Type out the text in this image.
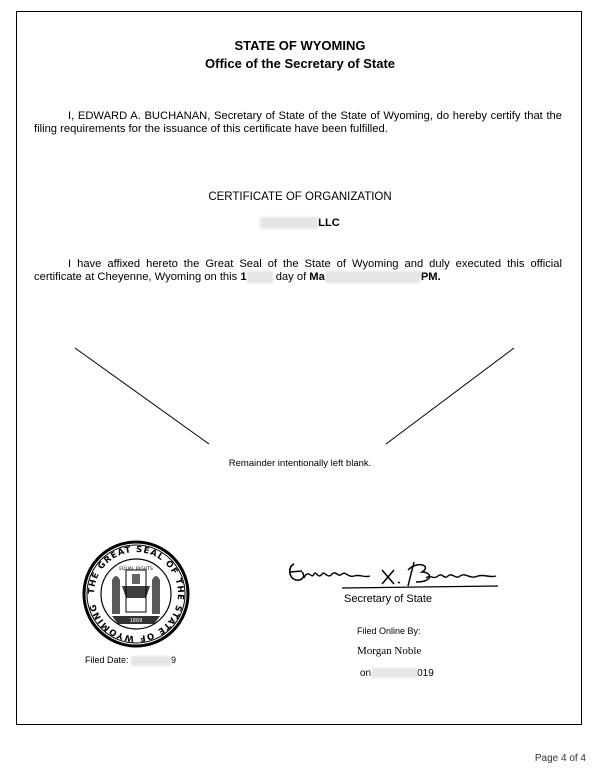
STATE OF WYOMING
Office of the Secretary of State
I, EDWARD A. BUCHANAN, Secretary of State of the State of Wyoming, do hereby certify that the filing requirements for the issuance of this certificate have been fulfilled.
CERTIFICATE OF ORGANIZATION
LLC
I have affixed hereto the Great Seal of the State of Wyoming and duly executed this official certificate at Cheyenne, Wyoming on this 1	day of Ma	PM.
Remainder intentionally left blank.
THE GREAT SEAL OF THE STATE OF WYOMING
EQUAL RIGHTS
1869
Filed Date:	9
Secretary of State
Filed Online By:
Morgan Noble
on	019
Page 4 of 4
